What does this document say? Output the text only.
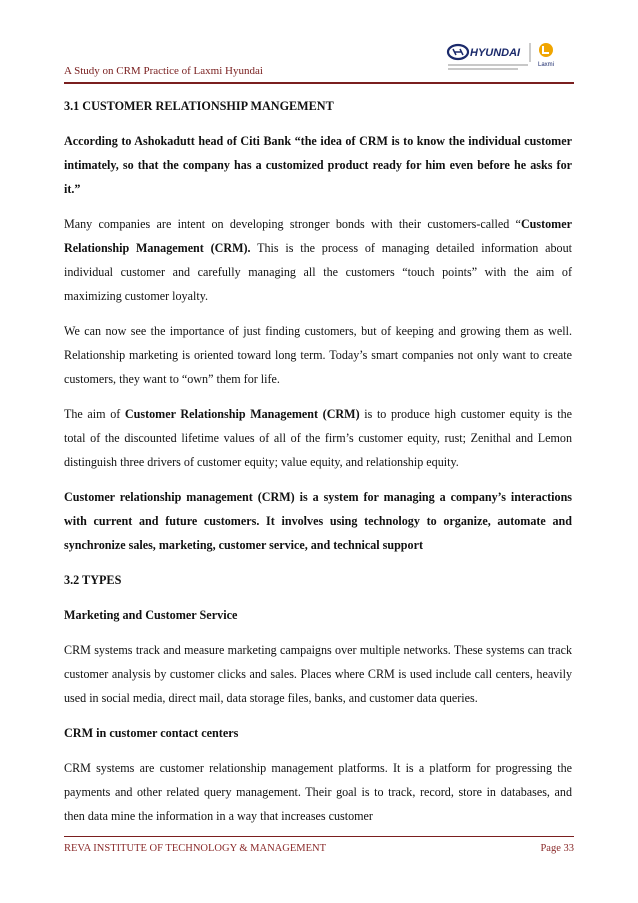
A Study on CRM Practice of Laxmi Hyundai
HYUNDAI
Laxmi
3.1 CUSTOMER RELATIONSHIP MANGEMENT

According to Ashokadutt head of Citi Bank “the idea of CRM is to know the individual customer intimately, so that the company has a customized product ready for him even before he asks for it.”

Many companies are intent on developing stronger bonds with their customers-called “Customer Relationship Management (CRM). This is the process of managing detailed information about individual customer and carefully managing all the customers “touch points” with the aim of maximizing customer loyalty.

We can now see the importance of just finding customers, but of keeping and growing them as well. Relationship marketing is oriented toward long term. Today’s smart companies not only want to create customers, they want to “own” them for life.

The aim of Customer Relationship Management (CRM) is to produce high customer equity is the total of the discounted lifetime values of all of the firm’s customer equity, rust; Zenithal and Lemon distinguish three drivers of customer equity; value equity, and relationship equity.

Customer relationship management (CRM) is a system for managing a company’s interactions with current and future customers. It involves using technology to organize, automate and synchronize sales, marketing, customer service, and technical support

3.2 TYPES
Marketing and Customer Service

CRM systems track and measure marketing campaigns over multiple networks. These systems can track customer analysis by customer clicks and sales. Places where CRM is used include call centers, heavily used in social media, direct mail, data storage files, banks, and customer data queries.

CRM in customer contact centers

CRM systems are customer relationship management platforms. It is a platform for progressing the payments and other related query management. Their goal is to track, record, store in databases, and then data mine the information in a way that increases customer

REVA INSTITUTE OF TECHNOLOGY & MANAGEMENT	Page 33
